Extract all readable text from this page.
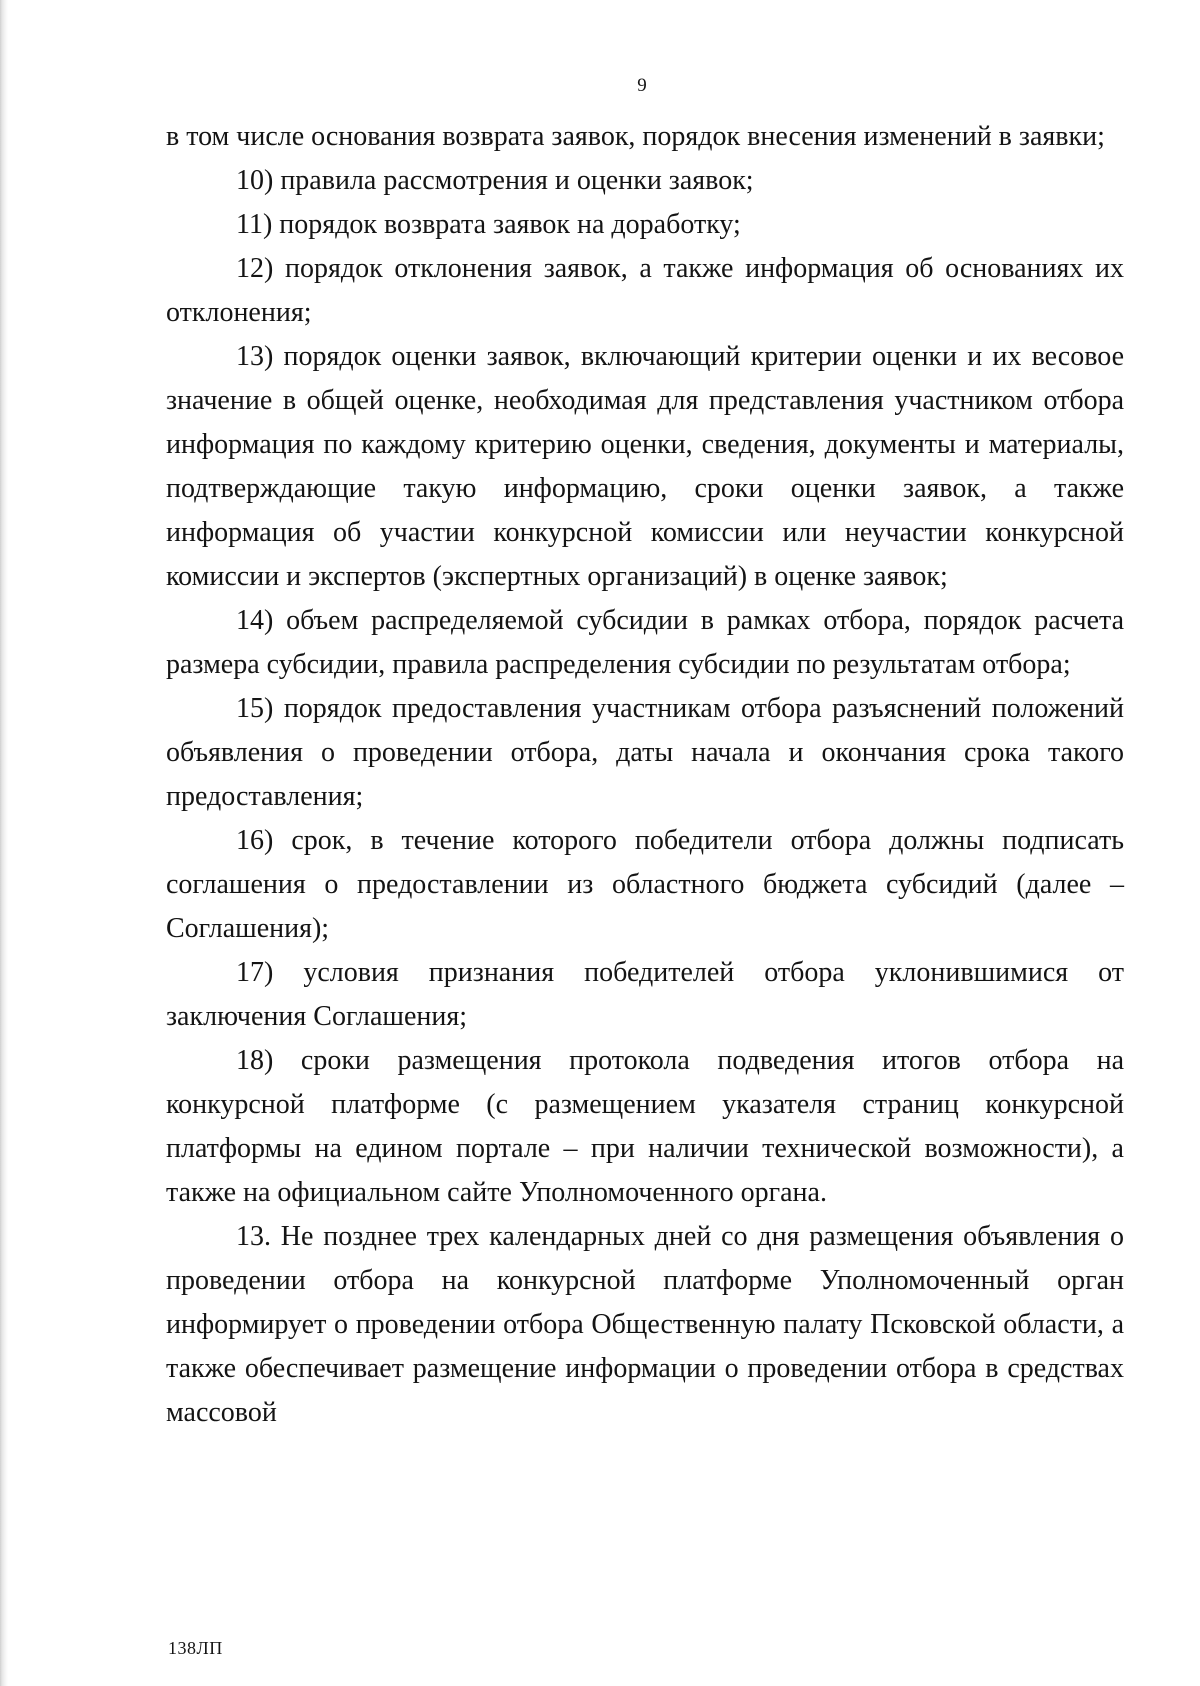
9

в том числе основания возврата заявок, порядок внесения изменений в заявки;

10) правила рассмотрения и оценки заявок;

11) порядок возврата заявок на доработку;

12) порядок отклонения заявок, а также информация об основаниях их отклонения;

13) порядок оценки заявок, включающий критерии оценки и их весовое значение в общей оценке, необходимая для представления участником отбора информация по каждому критерию оценки, сведения, документы и материалы, подтверждающие такую информацию, сроки оценки заявок, а также информация об участии конкурсной комиссии или неучастии конкурсной комиссии и экспертов (экспертных организаций) в оценке заявок;

14) объем распределяемой субсидии в рамках отбора, порядок расчета размера субсидии, правила распределения субсидии по результатам отбора;

15) порядок предоставления участникам отбора разъяснений положений объявления о проведении отбора, даты начала и окончания срока такого предоставления;

16) срок, в течение которого победители отбора должны подписать соглашения о предоставлении из областного бюджета субсидий (далее – Соглашения);

17) условия признания победителей отбора уклонившимися от заключения Соглашения;

18) сроки размещения протокола подведения итогов отбора на конкурсной платформе (с размещением указателя страниц конкурсной платформы на едином портале – при наличии технической возможности), а также на официальном сайте Уполномоченного органа.

13. Не позднее трех календарных дней со дня размещения объявления о проведении отбора на конкурсной платформе Уполномоченный орган информирует о проведении отбора Общественную палату Псковской области, а также обеспечивает размещение информации о проведении отбора в средствах массовой

138ЛП
